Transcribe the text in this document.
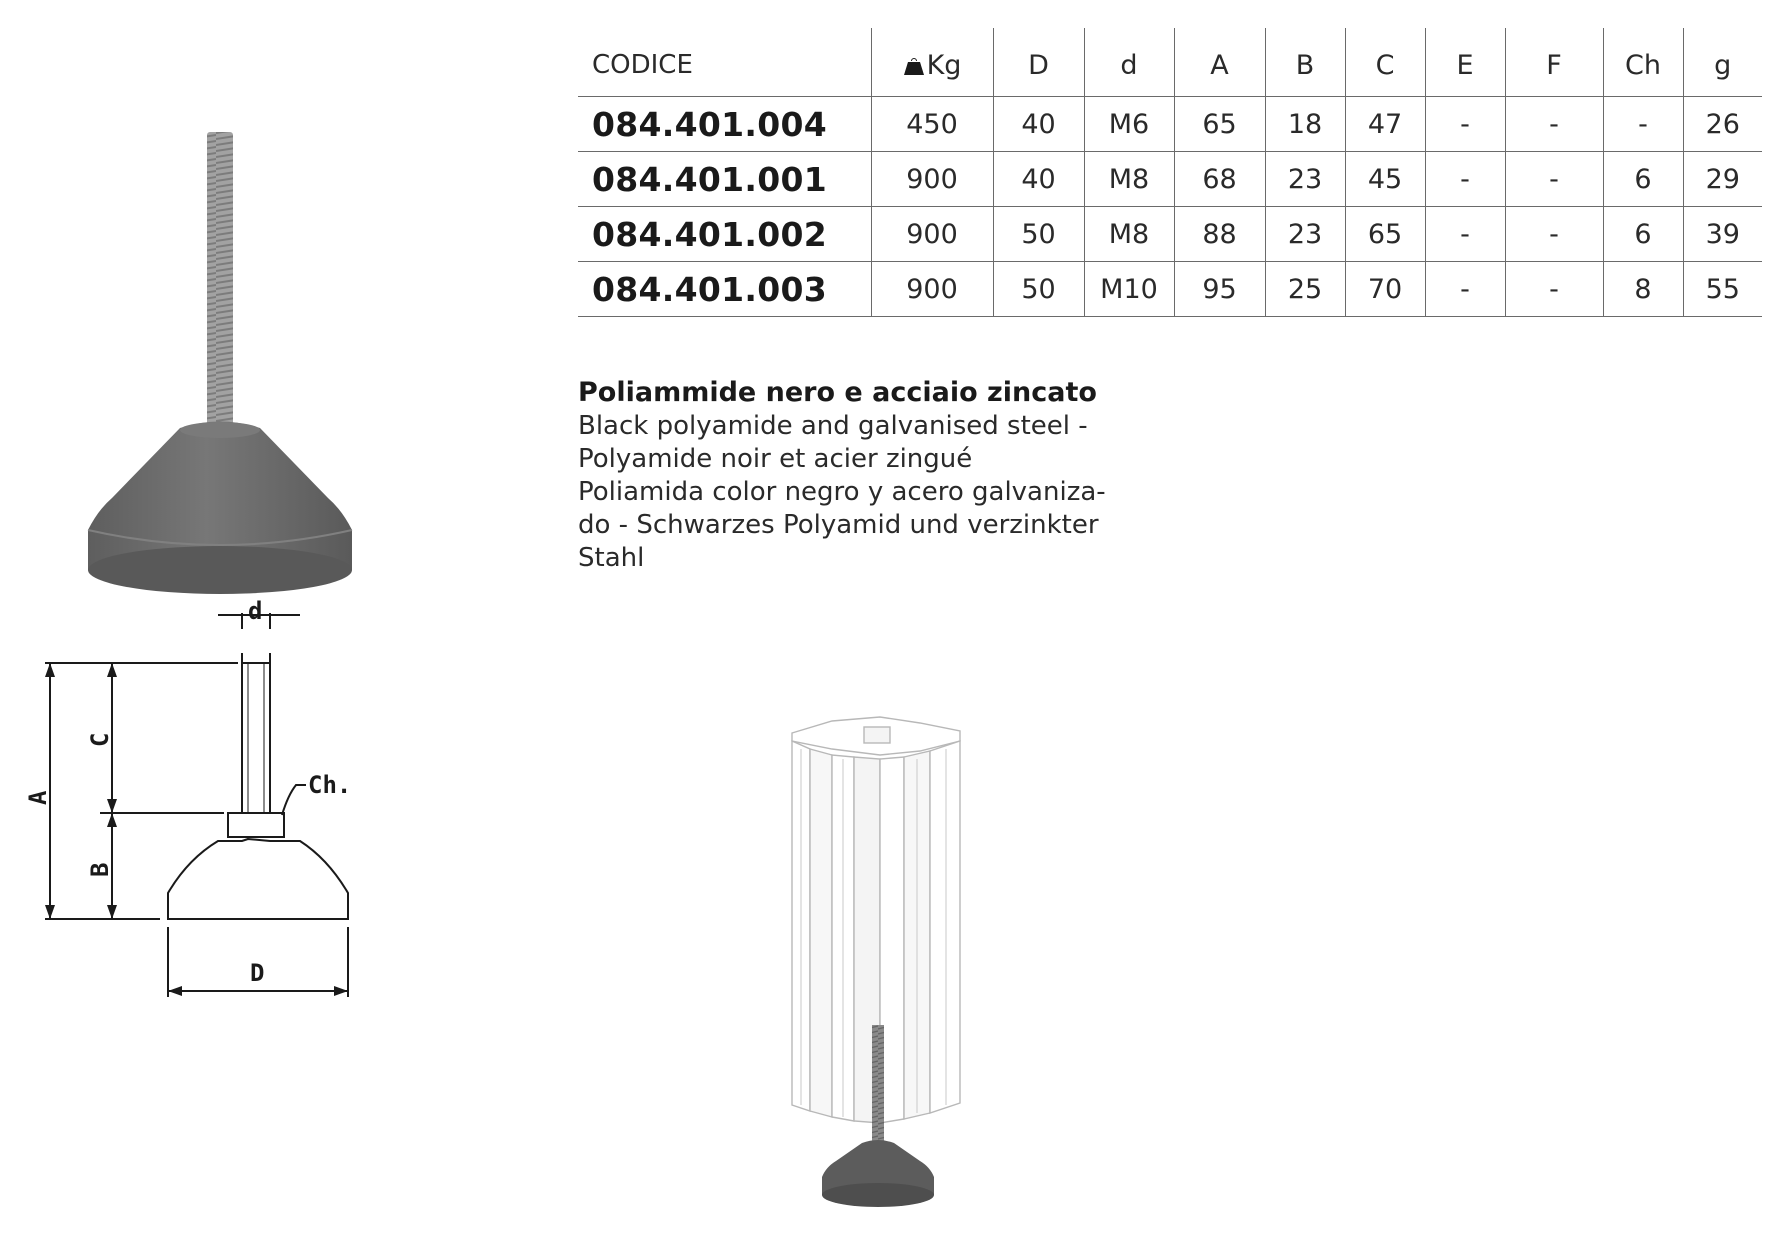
CODICE	Kg	D	d	A	B	C	E	F	Ch	g
084.401.004	450	40	M6	65	18	47	-	-	-	26
084.401.001	900	40	M8	68	23	45	-	-	6	29
084.401.002	900	50	M8	88	23	65	-	-	6	39
084.401.003	900	50	M10	95	25	70	-	-	8	55
Poliammide nero e acciaio zincato
Black polyamide and galvanised steel -
Polyamide noir et acier zingué
Poliamida color negro y acero galvaniza-
do - Schwarzes Polyamid und verzinkter
Stahl
d
C
A
B
Ch.
D
